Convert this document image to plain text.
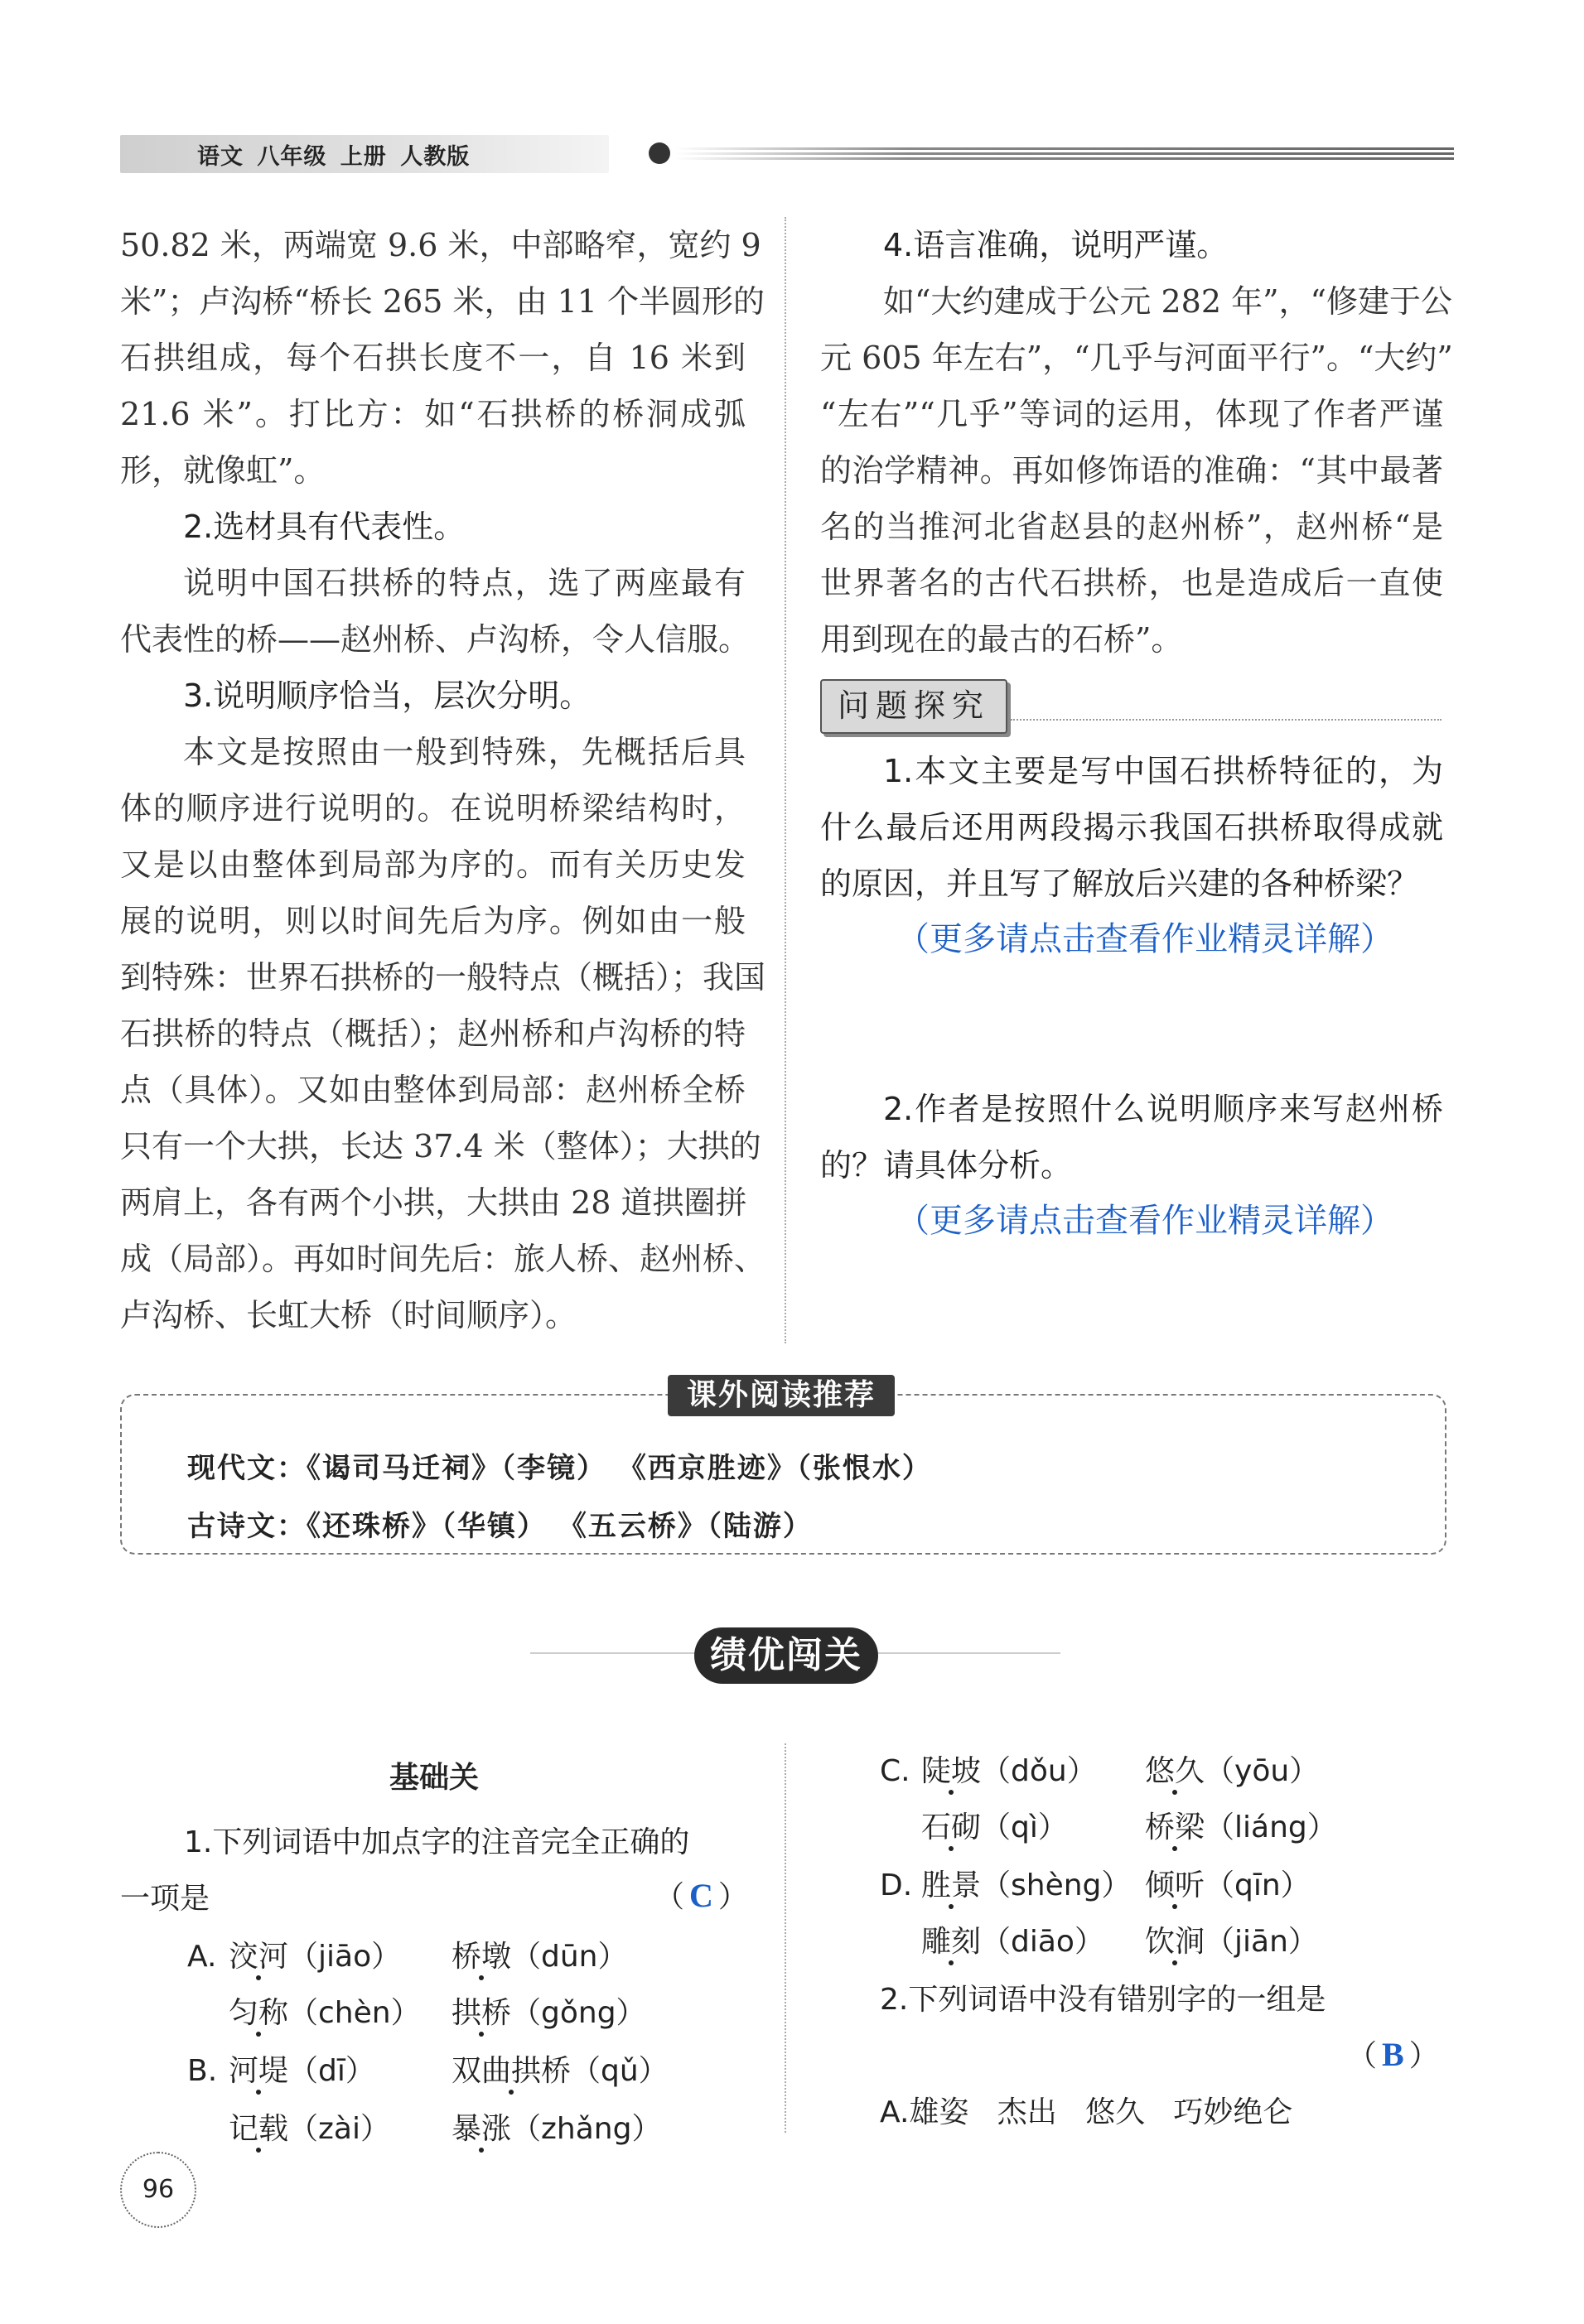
语文 八年级 上册 人教版
50.82 米，两端宽 9.6 米，中部略窄，宽约 9
米”；卢沟桥“桥长 265 米，由 11 个半圆形的
石拱组成，每个石拱长度不一，自 16 米到
21.6 米”。打比方：如“石拱桥的桥洞成弧
形，就像虹”。
2.选材具有代表性。
说明中国石拱桥的特点，选了两座最有
代表性的桥——赵州桥、卢沟桥，令人信服。
3.说明顺序恰当，层次分明。
本文是按照由一般到特殊，先概括后具
体的顺序进行说明的。在说明桥梁结构时，
又是以由整体到局部为序的。而有关历史发
展的说明，则以时间先后为序。例如由一般
到特殊：世界石拱桥的一般特点（概括）；我国
石拱桥的特点（概括）；赵州桥和卢沟桥的特
点（具体）。又如由整体到局部：赵州桥全桥
只有一个大拱，长达 37.4 米（整体）；大拱的
两肩上，各有两个小拱，大拱由 28 道拱圈拼
成（局部）。再如时间先后：旅人桥、赵州桥、
卢沟桥、长虹大桥（时间顺序）。
4.语言准确，说明严谨。
如“大约建成于公元 282 年”，“修建于公
元 605 年左右”，“几乎与河面平行”。“大约”
“左右”“几乎”等词的运用，体现了作者严谨
的治学精神。再如修饰语的准确：“其中最著
名的当推河北省赵县的赵州桥”，赵州桥“是
世界著名的古代石拱桥，也是造成后一直使
用到现在的最古的石桥”。
问题探究
1.本文主要是写中国石拱桥特征的，为
什么最后还用两段揭示我国石拱桥取得成就
的原因，并且写了解放后兴建的各种桥梁？
（更多请点击查看作业精灵详解）
2.作者是按照什么说明顺序来写赵州桥
的？请具体分析。
（更多请点击查看作业精灵详解）
课外阅读推荐
现代文：《谒司马迁祠》（李镜） 《西京胜迹》（张恨水）
古诗文：《还珠桥》（华镇） 《五云桥》（陆游）
绩优闯关
基础关
1.下列词语中加点字的注音完全正确的
一项是	（ C ）
A. 洨河（jiāo） 桥墩（dūn）
匀称（chèn） 拱桥（gǒng）
B. 河堤（dī）	双曲拱桥（qǔ）
记载（zài） 暴涨（zhǎng）
C. 陡坡（dǒu） 悠久（yōu）
石砌（qì）	桥梁（liáng）
D. 胜景（shèng） 倾听（qīn）
雕刻（diāo） 饮涧（jiān）
2.下列词语中没有错别字的一组是
（ B ）
A.雄姿   杰出   悠久   巧妙绝仑
96
